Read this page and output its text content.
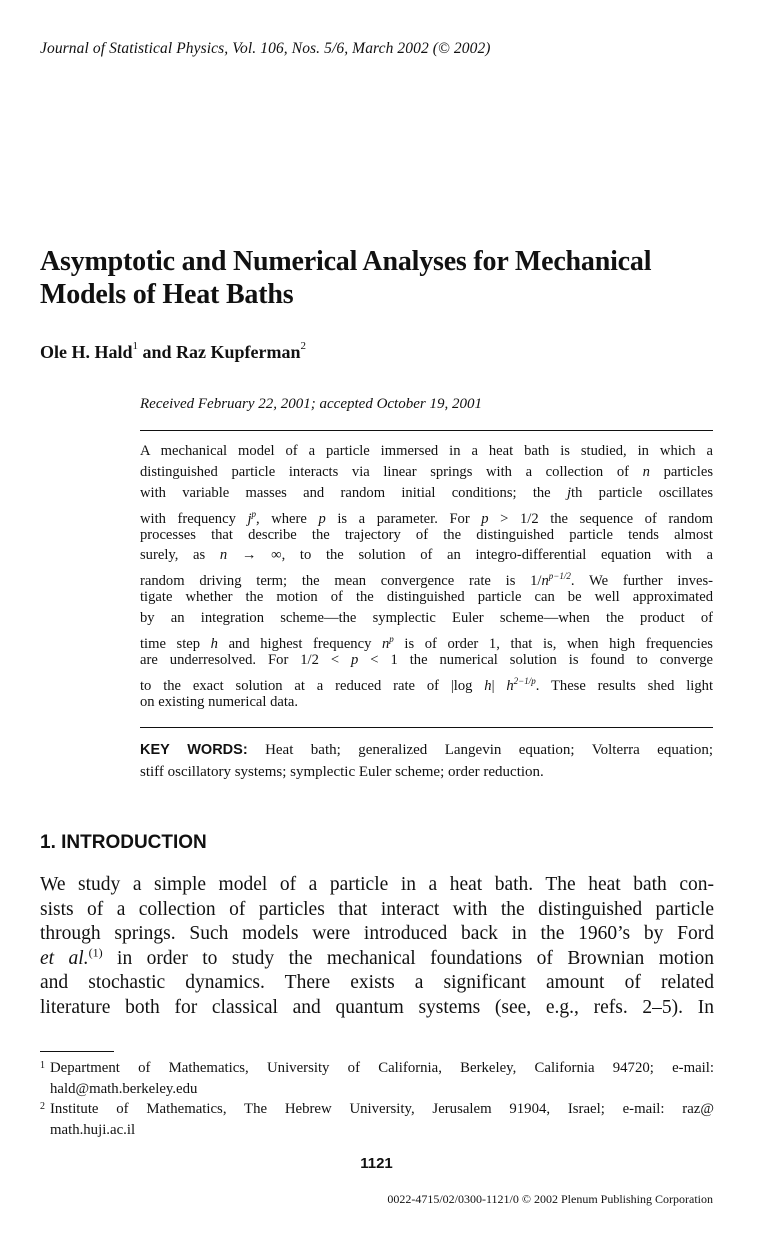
Journal of Statistical Physics, Vol. 106, Nos. 5/6, March 2002 (© 2002)
Asymptotic and Numerical Analyses for Mechanical
Models of Heat Baths
Ole H. Hald$^1$ and Raz Kupferman$^2$
Received February 22, 2001; accepted October 19, 2001
A mechanical model of a particle immersed in a heat bath is studied, in which a
distinguished particle interacts via linear springs with a collection of n particles
with variable masses and random initial conditions; the jth particle oscillates
with frequency $j^p$, where p is a parameter. For p > 1/2 the sequence of random
processes that describe the trajectory of the distinguished particle tends almost
surely, as n → ∞, to the solution of an integro-differential equation with a
random driving term; the mean convergence rate is $1/n^{p-1/2}$. We further inves-
tigate whether the motion of the distinguished particle can be well approximated
by an integration scheme—the symplectic Euler scheme—when the product of
time step h and highest frequency $n^p$ is of order 1, that is, when high frequencies
are underresolved. For 1/2 < p < 1 the numerical solution is found to converge
to the exact solution at a reduced rate of |log h| $h^{2-1/p}$. These results shed light
on existing numerical data.
KEY WORDS: Heat bath; generalized Langevin equation; Volterra equation;
stiff oscillatory systems; symplectic Euler scheme; order reduction.
1. INTRODUCTION
We study a simple model of a particle in a heat bath. The heat bath con-
sists of a collection of particles that interact with the distinguished particle
through springs. Such models were introduced back in the 1960’s by Ford
et al.$^{(1)}$ in order to study the mechanical foundations of Brownian motion
and stochastic dynamics. There exists a significant amount of related
literature both for classical and quantum systems (see, e.g., refs. 2–5). In
1 Department of Mathematics, University of California, Berkeley, California 94720; e-mail:
hald@math.berkeley.edu
2 Institute of Mathematics, The Hebrew University, Jerusalem 91904, Israel; e-mail: raz@
math.huji.ac.il
1121
0022-4715/02/0300-1121/0 © 2002 Plenum Publishing Corporation
